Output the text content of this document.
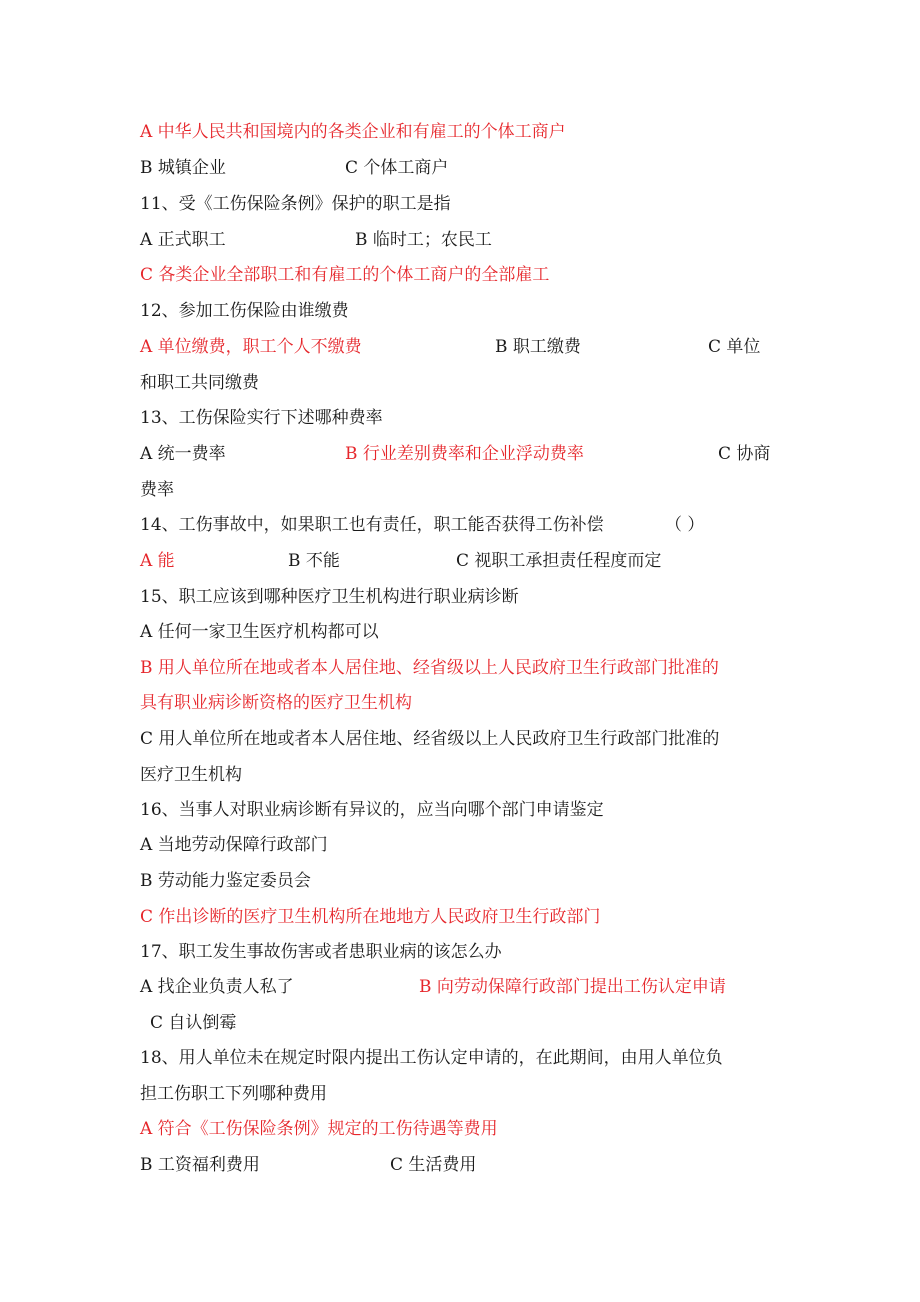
A 中华人民共和国境内的各类企业和有雇工的个体工商户
B 城镇企业	C 个体工商户
11、受《工伤保险条例》保护的职工是指
A 正式职工	B 临时工；农民工
C 各类企业全部职工和有雇工的个体工商户的全部雇工
12、参加工伤保险由谁缴费
A 单位缴费，职工个人不缴费	B 职工缴费	C 单位
和职工共同缴费
13、工伤保险实行下述哪种费率
A 统一费率	B 行业差别费率和企业浮动费率	C 协商
费率
14、工伤事故中，如果职工也有责任，职工能否获得工伤补偿	（ ）
A 能	B 不能	C 视职工承担责任程度而定
15、职工应该到哪种医疗卫生机构进行职业病诊断
A 任何一家卫生医疗机构都可以
B 用人单位所在地或者本人居住地、经省级以上人民政府卫生行政部门批准的
具有职业病诊断资格的医疗卫生机构
C 用人单位所在地或者本人居住地、经省级以上人民政府卫生行政部门批准的
医疗卫生机构
16、当事人对职业病诊断有异议的，应当向哪个部门申请鉴定
A 当地劳动保障行政部门
B 劳动能力鉴定委员会
C 作出诊断的医疗卫生机构所在地地方人民政府卫生行政部门
17、职工发生事故伤害或者患职业病的该怎么办
A 找企业负责人私了	B 向劳动保障行政部门提出工伤认定申请
C 自认倒霉
18、用人单位未在规定时限内提出工伤认定申请的，在此期间，由用人单位负
担工伤职工下列哪种费用
A 符合《工伤保险条例》规定的工伤待遇等费用
B 工资福利费用	C 生活费用
